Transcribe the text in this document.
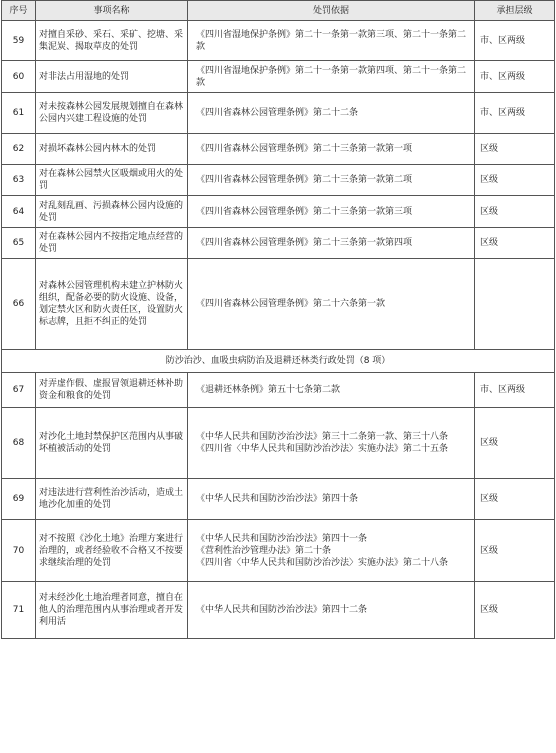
序号	事项名称	处罚依据	承担层级
59	对擅自采砂、采石、采矿、挖塘、采集泥炭、揭取草皮的处罚	《四川省湿地保护条例》第二十一条第一款第三项、第二十一条第二款	市、区两级
60	对非法占用湿地的处罚	《四川省湿地保护条例》第二十一条第一款第四项、第二十一条第二款	市、区两级
61	对未按森林公园发展规划擅自在森林公园内兴建工程设施的处罚	《四川省森林公园管理条例》第二十二条	市、区两级
62	对损坏森林公园内林木的处罚	《四川省森林公园管理条例》第二十三条第一款第一项	区级
63	对在森林公园禁火区吸烟或用火的处罚	《四川省森林公园管理条例》第二十三条第一款第二项	区级
64	对乱刻乱画、污损森林公园内设施的处罚	《四川省森林公园管理条例》第二十三条第一款第三项	区级
65	对在森林公园内不按指定地点经营的处罚	《四川省森林公园管理条例》第二十三条第一款第四项	区级
66	对森林公园管理机构未建立护林防火组织，配备必要的防火设施、设备，划定禁火区和防火责任区，设置防火标志牌，且拒不纠正的处罚	《四川省森林公园管理条例》第二十六条第一款	

防沙治沙、血吸虫病防治及退耕还林类行政处罚（8 项）			
67	对弄虚作假、虚报冒领退耕还林补助资金和粮食的处罚	《退耕还林条例》第五十七条第二款	市、区两级
68	对沙化土地封禁保护区范围内从事破坏植被活动的处罚	《中华人民共和国防沙治沙法》第三十二条第一款、第三十八条
《四川省〈中华人民共和国防沙治沙法〉实施办法》第二十五条	区级
69	对违法进行营利性治沙活动，造成土地沙化加重的处罚	《中华人民共和国防沙治沙法》第四十条	区级
70	对不按照《沙化土地》治理方案进行治理的，或者经验收不合格又不按要求继续治理的处罚	《中华人民共和国防沙治沙法》第四十一条
《营利性治沙管理办法》第二十条
《四川省〈中华人民共和国防沙治沙法〉实施办法》第二十八条	区级
71	对未经沙化土地治理者同意，擅自在他人的治理范围内从事治理或者开发利用活	《中华人民共和国防沙治沙法》第四十二条	区级
